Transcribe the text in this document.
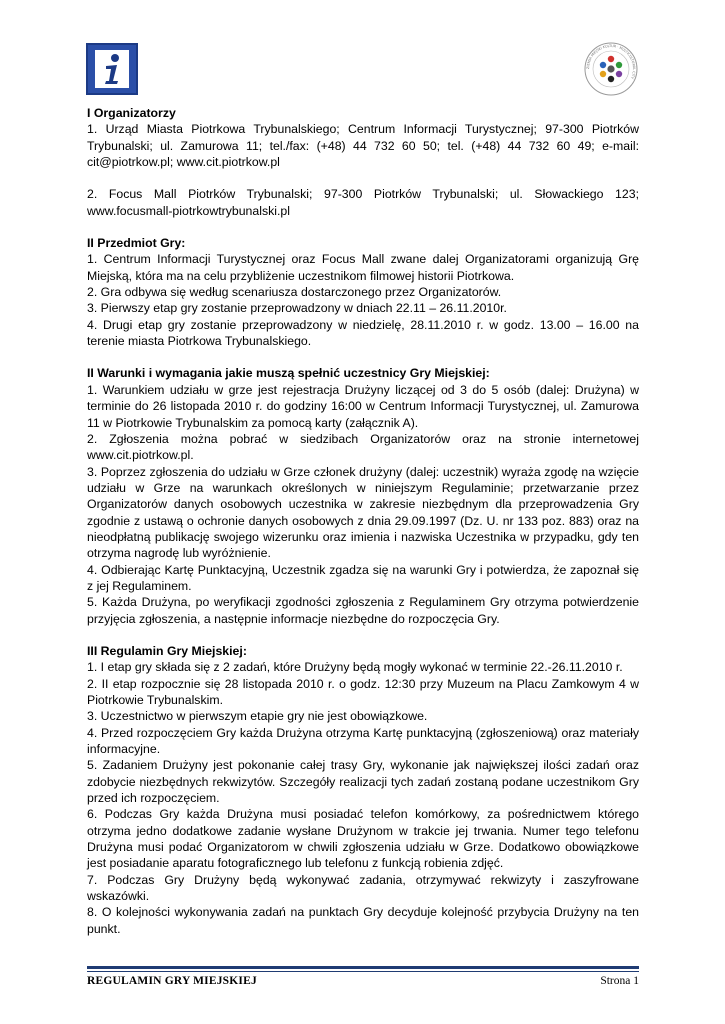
ZIEMIA MIEJSKI KULTUR · MULTICULTURAL CITY

I Organizatorzy

1. Urząd Miasta Piotrkowa Trybunalskiego; Centrum Informacji Turystycznej; 97-300 Piotrków Trybunalski; ul. Zamurowa 11; tel./fax: (+48) 44 732 60 50; tel. (+48) 44 732 60 49; e-mail: cit@piotrkow.pl; www.cit.piotrkow.pl

2. Focus Mall Piotrków Trybunalski; 97-300 Piotrków Trybunalski; ul. Słowackiego 123; www.focusmall-piotrkowtrybunalski.pl

II Przedmiot Gry:

1. Centrum Informacji Turystycznej oraz Focus Mall zwane dalej Organizatorami organizują Grę Miejską, która ma na celu przybliżenie uczestnikom filmowej historii Piotrkowa.

2. Gra odbywa się według scenariusza dostarczonego przez Organizatorów.

3. Pierwszy etap gry zostanie przeprowadzony w dniach 22.11 – 26.11.2010r.

4. Drugi etap gry zostanie przeprowadzony w niedzielę, 28.11.2010 r. w godz. 13.00 – 16.00 na terenie miasta Piotrkowa Trybunalskiego.

II Warunki i wymagania jakie muszą spełnić uczestnicy Gry Miejskiej:

1. Warunkiem udziału w grze jest rejestracja Drużyny liczącej od 3 do 5 osób (dalej: Drużyna) w terminie do 26 listopada 2010 r. do godziny 16:00 w Centrum Informacji Turystycznej, ul. Zamurowa 11 w Piotrkowie Trybunalskim za pomocą karty (załącznik A).

2. Zgłoszenia można pobrać w siedzibach Organizatorów oraz na stronie internetowej www.cit.piotrkow.pl.

3. Poprzez zgłoszenia do udziału w Grze członek drużyny (dalej: uczestnik) wyraża zgodę na wzięcie udziału w Grze na warunkach określonych w niniejszym Regulaminie; przetwarzanie przez Organizatorów danych osobowych uczestnika w zakresie niezbędnym dla przeprowadzenia Gry zgodnie z ustawą o ochronie danych osobowych z dnia 29.09.1997 (Dz. U. nr 133 poz. 883) oraz na nieodpłatną publikację swojego wizerunku oraz imienia i nazwiska Uczestnika w przypadku, gdy ten otrzyma nagrodę lub wyróżnienie.

4. Odbierając Kartę Punktacyjną, Uczestnik zgadza się na warunki Gry i potwierdza, że zapoznał się z jej Regulaminem.

5. Każda Drużyna, po weryfikacji zgodności zgłoszenia z Regulaminem Gry otrzyma potwierdzenie przyjęcia zgłoszenia, a następnie informacje niezbędne do rozpoczęcia Gry.

III Regulamin Gry Miejskiej:

1. I etap gry składa się z 2 zadań, które Drużyny będą mogły wykonać w terminie 22.-26.11.2010 r.

2. II etap rozpocznie się 28 listopada 2010 r. o godz. 12:30 przy Muzeum na Placu Zamkowym 4 w Piotrkowie Trybunalskim.

3. Uczestnictwo w pierwszym etapie gry nie jest obowiązkowe.

4. Przed rozpoczęciem Gry każda Drużyna otrzyma Kartę punktacyjną (zgłoszeniową) oraz materiały informacyjne.

5. Zadaniem Drużyny jest pokonanie całej trasy Gry, wykonanie jak największej ilości zadań oraz zdobycie niezbędnych rekwizytów. Szczegóły realizacji tych zadań zostaną podane uczestnikom Gry przed ich rozpoczęciem.

6. Podczas Gry każda Drużyna musi posiadać telefon komórkowy, za pośrednictwem którego otrzyma jedno dodatkowe zadanie wysłane Drużynom w trakcie jej trwania. Numer tego telefonu Drużyna musi podać Organizatorom w chwili zgłoszenia udziału w Grze. Dodatkowo obowiązkowe jest posiadanie aparatu fotograficznego lub telefonu z funkcją robienia zdjęć.

7. Podczas Gry Drużyny będą wykonywać zadania, otrzymywać rekwizyty i zaszyfrowane wskazówki.

8. O kolejności wykonywania zadań na punktach Gry decyduje kolejność przybycia Drużyny na ten punkt.

REGULAMIN GRY MIEJSKIEJ	Strona 1
